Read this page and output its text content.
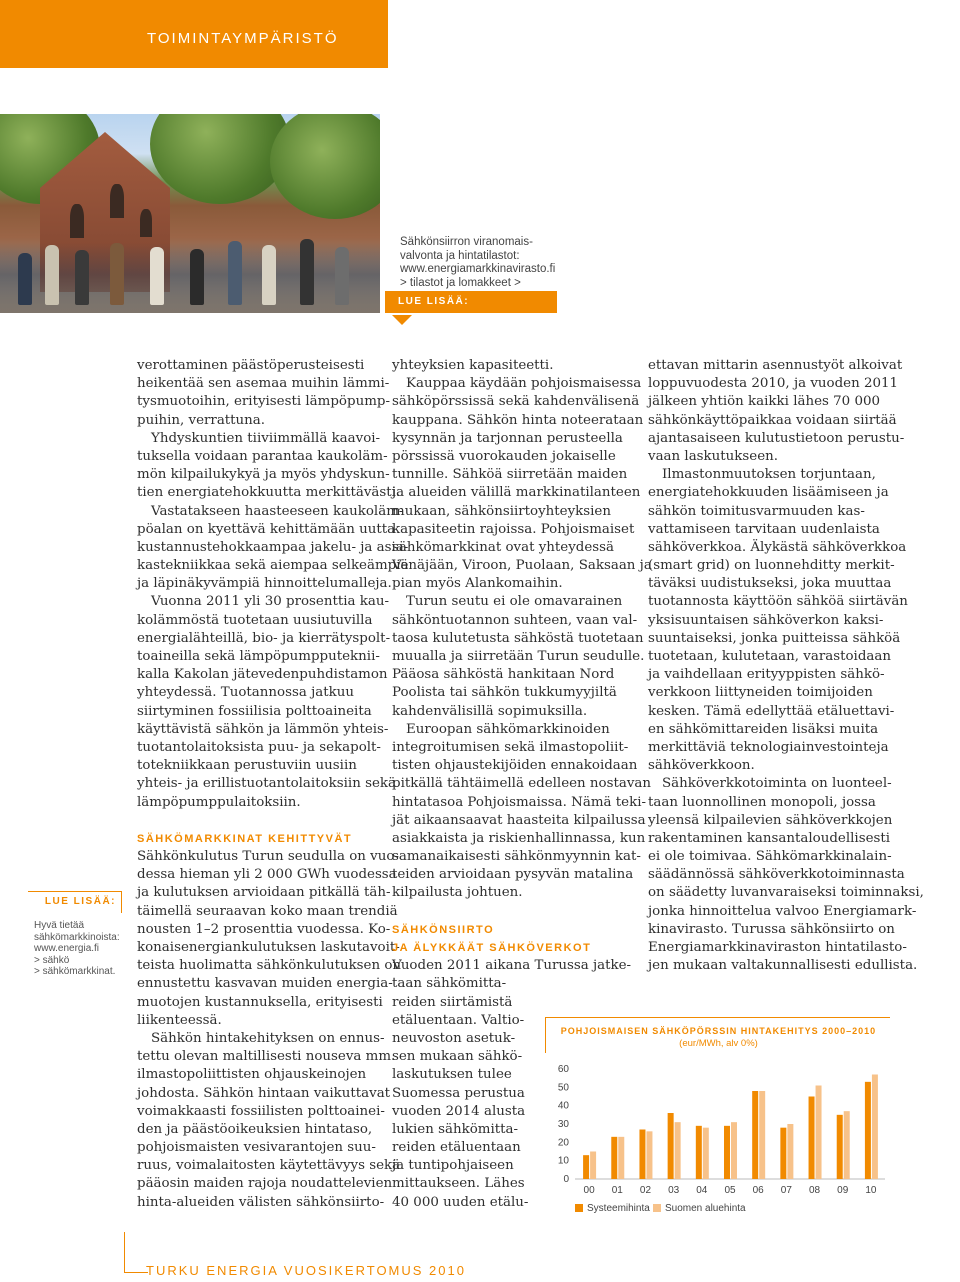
TOIMINTAYMPÄRISTÖ
Sähkönsiirron viranomais-
valvonta ja hintatilastot:
www.energiamarkkinavirasto.fi
> tilastot ja lomakkeet >
LUE LISÄÄ:
LUE LISÄÄ:
Hyvä tietää
sähkömarkkinoista:
www.energia.fi
> sähkö
> sähkömarkkinat.
verottaminen päästöperusteisesti
heikentää sen asemaa muihin lämmi-
tysmuotoihin, erityisesti lämpöpump-
puihin, verrattuna.
Yhdyskuntien tiiviimmällä kaavoi-
tuksella voidaan parantaa kaukoläm-
mön kilpailukykyä ja myös yhdyskun-
tien energiatehokkuutta merkittävästi.
Vastatakseen haasteeseen kaukoläm-
pöalan on kyettävä kehittämään uutta
kustannustehokkaampaa jakelu- ja asia-
kastekniikkaa sekä aiempaa selkeämpiä
ja läpinäkyvämpiä hinnoittelumalleja.
Vuonna 2011 yli 30 prosenttia kau-
kolämmöstä tuotetaan uusiutuvilla
energialähteillä, bio- ja kierrätyspolt-
toaineilla sekä lämpöpumpputeknii-
kalla Kakolan jätevedenpuhdistamon
yhteydessä. Tuotannossa jatkuu
siirtyminen fossiilisia polttoaineita
käyttävistä sähkön ja lämmön yhteis-
tuotantolaitoksista puu- ja sekapolt-
totekniikkaan perustuviin uusiin
yhteis- ja erillistuotantolaitoksiin sekä
lämpöpumppulaitoksiin.
SÄHKÖMARKKINAT KEHITTYVÄT
Sähkönkulutus Turun seudulla on vuo-
dessa hieman yli 2 000 GWh vuodessa
ja kulutuksen arvioidaan pitkällä täh-
täimellä seuraavan koko maan trendiä
nousten 1–2 prosenttia vuodessa. Ko-
konaisenergiankulutuksen laskutavoit-
teista huolimatta sähkönkulutuksen on
ennustettu kasvavan muiden energia-
muotojen kustannuksella, erityisesti
liikenteessä.
Sähkön hintakehityksen on ennus-
tettu olevan maltillisesti nouseva mm.
ilmastopoliittisten ohjauskeinojen
johdosta. Sähkön hintaan vaikuttavat
voimakkaasti fossiilisten polttoainei-
den ja päästöoikeuksien hintataso,
pohjoismaisten vesivarantojen suu-
ruus, voimalaitosten käytettävyys sekä
pääosin maiden rajoja noudattelevien
hinta-alueiden välisten sähkönsiirto-
yhteyksien kapasiteetti.
Kauppaa käydään pohjoismaisessa
sähköpörssissä sekä kahdenvälisenä
kauppana. Sähkön hinta noteerataan
kysynnän ja tarjonnan perusteella
pörssissä vuorokauden jokaiselle
tunnille. Sähköä siirretään maiden
ja alueiden välillä markkinatilanteen
mukaan, sähkönsiirtoyhteyksien
kapasiteetin rajoissa. Pohjoismaiset
sähkömarkkinat ovat yhteydessä
Venäjään, Viroon, Puolaan, Saksaan ja
pian myös Alankomaihin.
Turun seutu ei ole omavarainen
sähköntuotannon suhteen, vaan val-
taosa kulutetusta sähköstä tuotetaan
muualla ja siirretään Turun seudulle.
Pääosa sähköstä hankitaan Nord
Poolista tai sähkön tukkumyyjiltä
kahdenvälisillä sopimuksilla.
Euroopan sähkömarkkinoiden
integroitumisen sekä ilmastopoliit-
tisten ohjaustekijöiden ennakoidaan
pitkällä tähtäimellä edelleen nostavan
hintatasoa Pohjoismaissa. Nämä teki-
jät aikaansaavat haasteita kilpailussa
asiakkaista ja riskienhallinnassa, kun
samanaikaisesti sähkönmyynnin kat-
teiden arvioidaan pysyvän matalina
kilpailusta johtuen.
SÄHKÖNSIIRTO
JA ÄLYKKÄÄT SÄHKÖVERKOT
Vuoden 2011 aikana Turussa jatke-
taan sähkömitta-
reiden siirtämistä
etäluentaan. Valtio-
neuvoston asetuk-
sen mukaan sähkö-
laskutuksen tulee
Suomessa perustua
vuoden 2014 alusta
lukien sähkömitta-
reiden etäluentaan
ja tuntipohjaiseen
mittaukseen. Lähes
40 000 uuden etälu-
ettavan mittarin asennustyöt alkoivat
loppuvuodesta 2010, ja vuoden 2011
jälkeen yhtiön kaikki lähes 70 000
sähkönkäyttöpaikkaa voidaan siirtää
ajantasaiseen kulutustietoon perustu-
vaan laskutukseen.
Ilmastonmuutoksen torjuntaan,
energiatehokkuuden lisäämiseen ja
sähkön toimitusvarmuuden kas-
vattamiseen tarvitaan uudenlaista
sähköverkkoa. Älykästä sähköverkkoa
(smart grid) on luonnehditty merkit-
täväksi uudistukseksi, joka muuttaa
tuotannosta käyttöön sähköä siirtävän
yksisuuntaisen sähköverkon kaksi-
suuntaiseksi, jonka puitteissa sähköä
tuotetaan, kulutetaan, varastoidaan
ja vaihdellaan erityyppisten sähkö-
verkkoon liittyneiden toimijoiden
kesken. Tämä edellyttää etäluettavi-
en sähkömittareiden lisäksi muita
merkittäviä teknologiainvestointeja
sähköverkkoon.
Sähköverkkotoiminta on luonteel-
taan luonnollinen monopoli, jossa
yleensä kilpailevien sähköverkkojen
rakentaminen kansantaloudellisesti
ei ole toimivaa. Sähkömarkkinalain-
säädännössä sähköverkkotoiminnasta
on säädetty luvanvaraiseksi toiminnaksi,
jonka hinnoittelua valvoo Energiamark-
kinavirasto. Turussa sähkönsiirto on
Energiamarkkinaviraston hintatilasto-
jen mukaan valtakunnallisesti edullista.
POHJOISMAISEN SÄHKÖPÖRSSIN HINTAKEHITYS 2000–2010
(eur/MWh, alv 0%)
0
10
20
30
40
50
60
00 01 02 03 04 05 06 07 08 09 10
Systeemihinta	Suomen aluehinta
TURKU ENERGIA VUOSIKERTOMUS 2010
